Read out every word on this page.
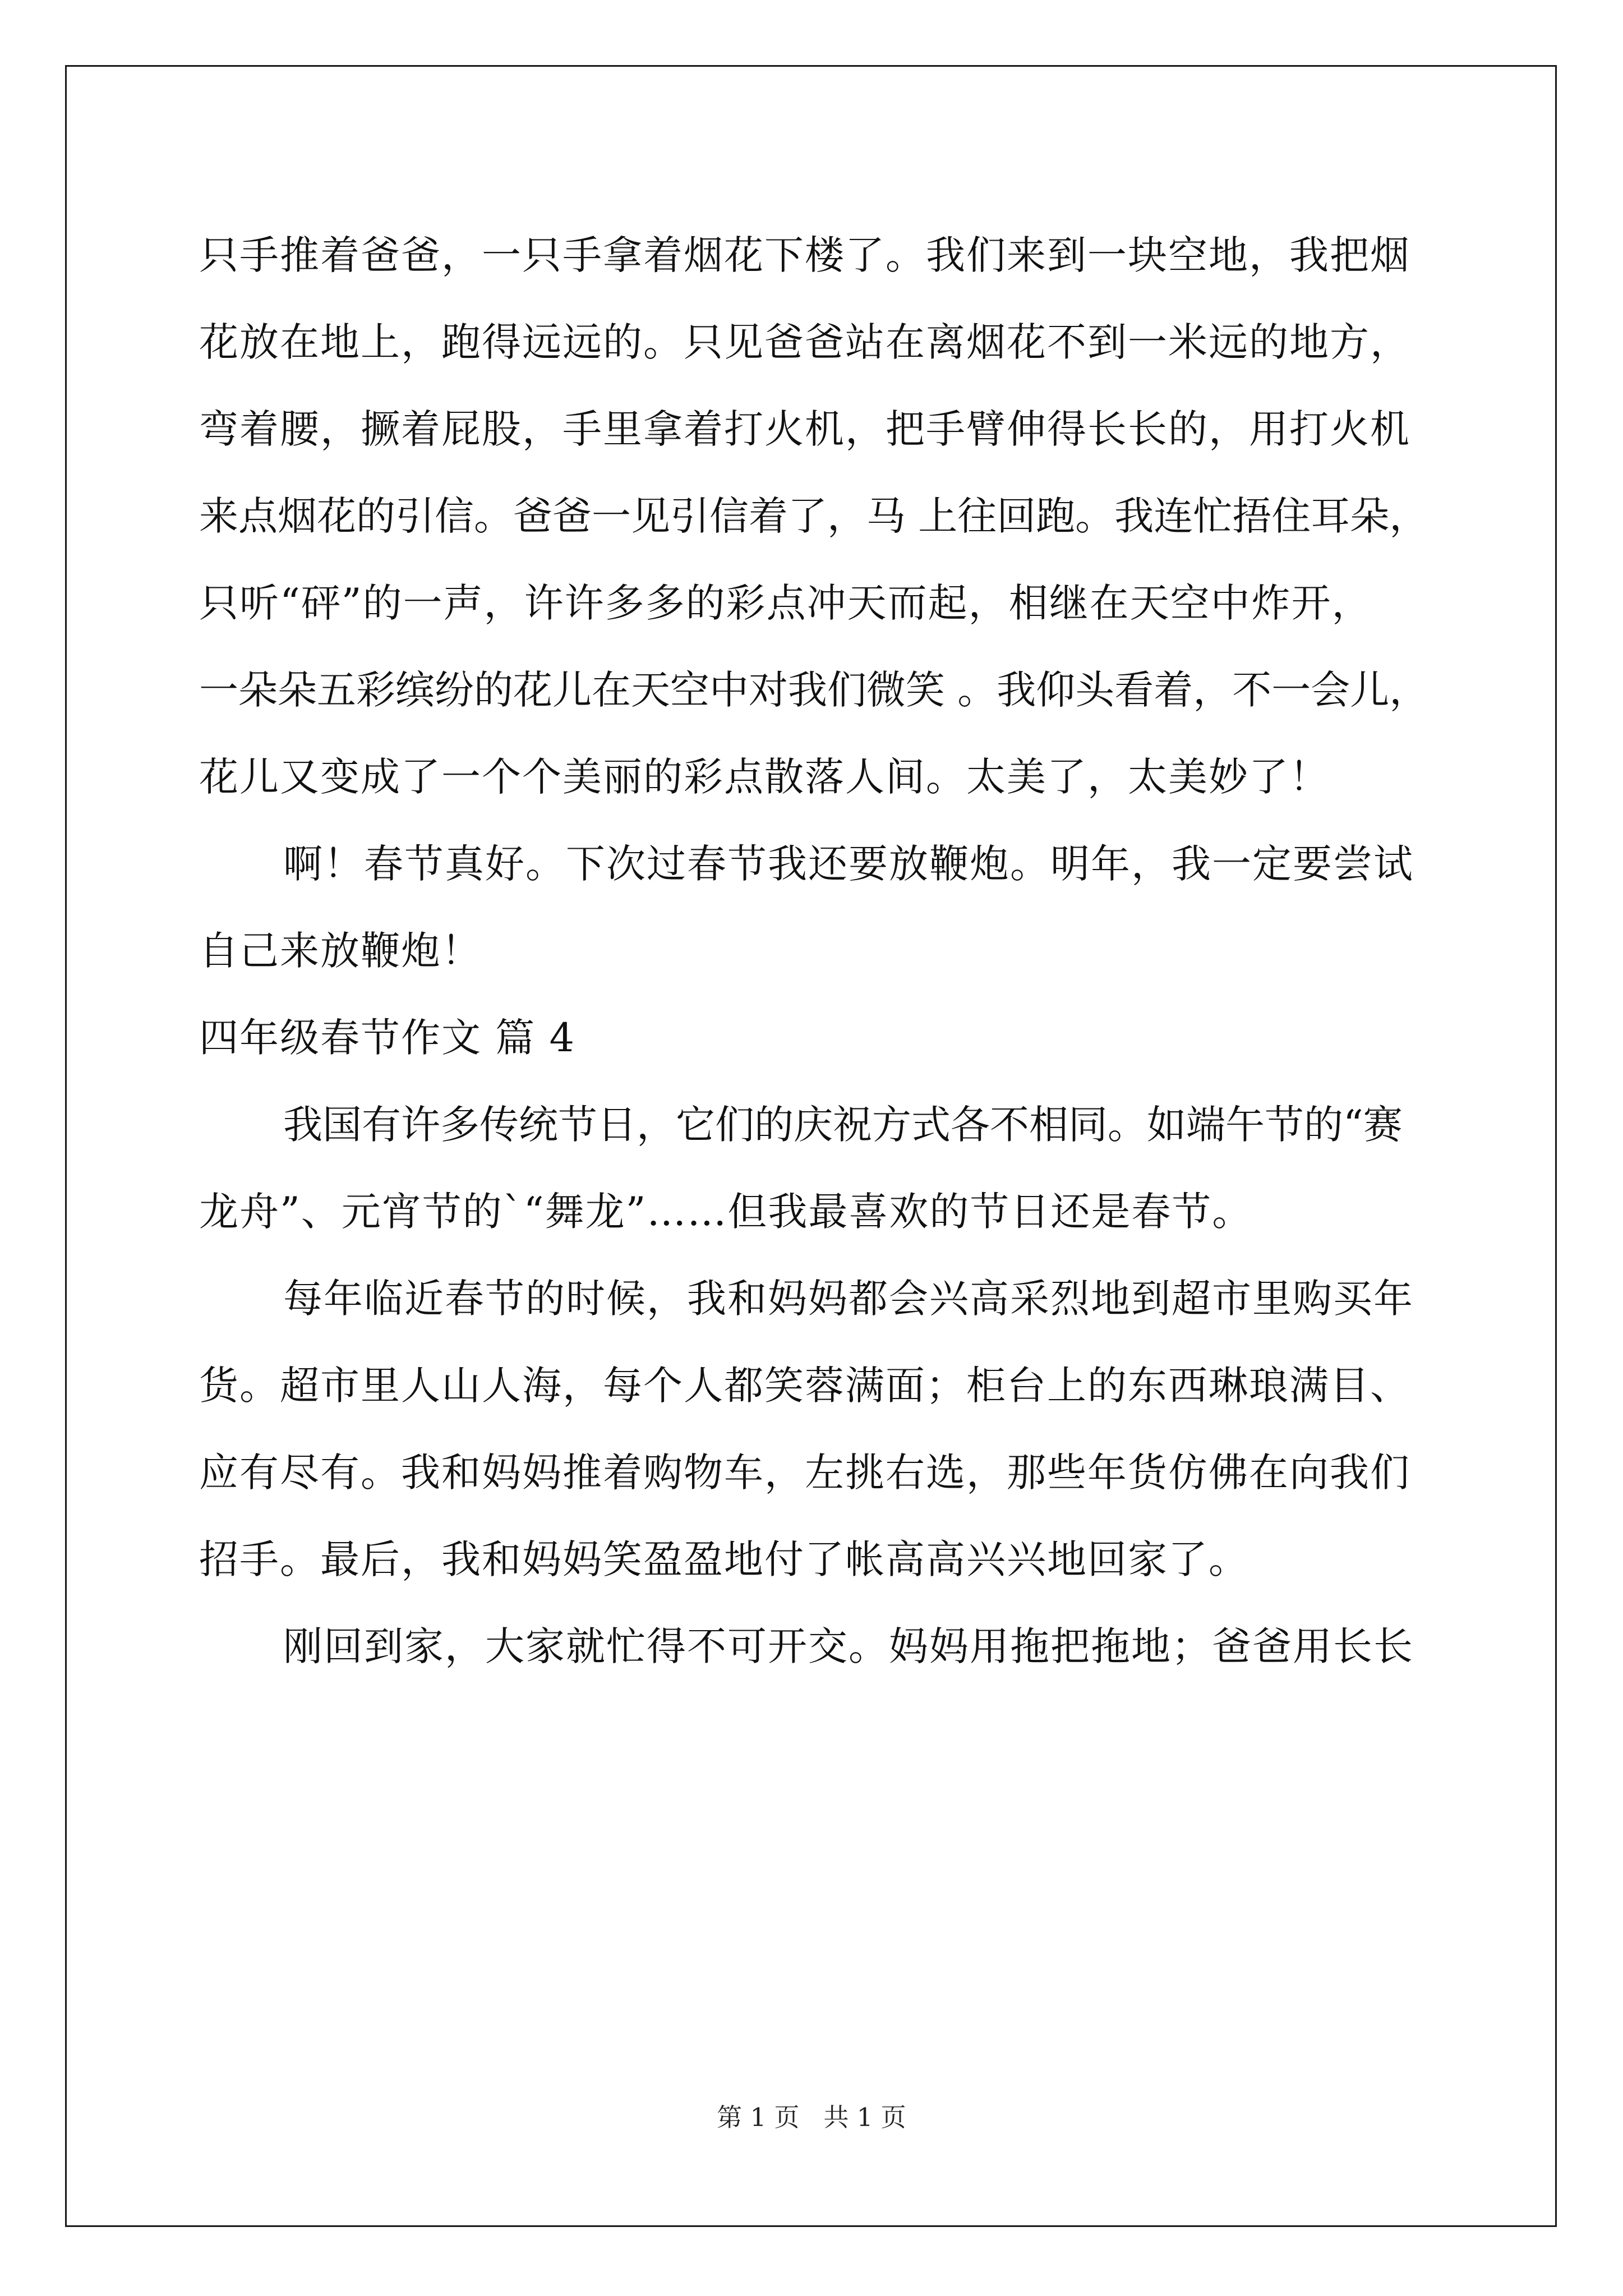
只手推着爸爸，一只手拿着烟花下楼了。我们来到一块空地，我把烟
花放在地上，跑得远远的。只见爸爸站在离烟花不到一米远的地方，
弯着腰，撅着屁股，手里拿着打火机，把手臂伸得长长的，用打火机
来点烟花的引信。爸爸一见引信着了，马 上往回跑。我连忙捂住耳朵，
只听“砰”的一声，许许多多的彩点冲天而起，相继在天空中炸开，
一朵朵五彩缤纷的花儿在天空中对我们微笑 。我仰头看着，不一会儿，
花儿又变成了一个个美丽的彩点散落人间。太美了，太美妙了！
啊！春节真好。下次过春节我还要放鞭炮。明年，我一定要尝试
自己来放鞭炮！
四年级春节作文 篇 4
我国有许多传统节日，它们的庆祝方式各不相同。如端午节的“赛
龙舟”、元宵节的`“舞龙”……但我最喜欢的节日还是春节。
每年临近春节的时候，我和妈妈都会兴高采烈地到超市里购买年
货。超市里人山人海，每个人都笑蓉满面；柜台上的东西琳琅满目、
应有尽有。我和妈妈推着购物车，左挑右选，那些年货仿佛在向我们
招手。最后，我和妈妈笑盈盈地付了帐高高兴兴地回家了。
刚回到家，大家就忙得不可开交。妈妈用拖把拖地；爸爸用长长
第 1 页   共 1 页
